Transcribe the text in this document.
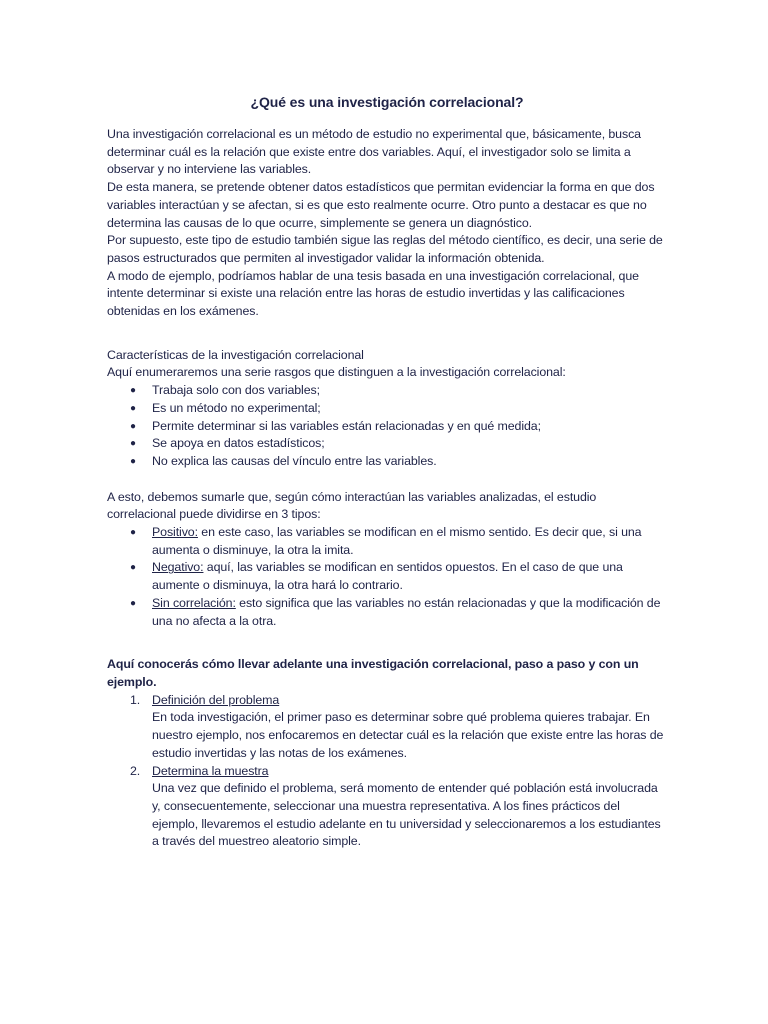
¿Qué es una investigación correlacional?

Una investigación correlacional es un método de estudio no experimental que, básicamente, busca determinar cuál es la relación que existe entre dos variables. Aquí, el investigador solo se limita a observar y no interviene las variables.

De esta manera, se pretende obtener datos estadísticos que permitan evidenciar la forma en que dos variables interactúan y se afectan, si es que esto realmente ocurre. Otro punto a destacar es que no determina las causas de lo que ocurre, simplemente se genera un diagnóstico.

Por supuesto, este tipo de estudio también sigue las reglas del método científico, es decir, una serie de pasos estructurados que permiten al investigador validar la información obtenida.

A modo de ejemplo, podríamos hablar de una tesis basada en una investigación correlacional, que intente determinar si existe una relación entre las horas de estudio invertidas y las calificaciones obtenidas en los exámenes.

Características de la investigación correlacional

Aquí enumeraremos una serie rasgos que distinguen a la investigación correlacional:

● Trabaja solo con dos variables;
● Es un método no experimental;
● Permite determinar si las variables están relacionadas y en qué medida;
● Se apoya en datos estadísticos;
● No explica las causas del vínculo entre las variables.

A esto, debemos sumarle que, según cómo interactúan las variables analizadas, el estudio correlacional puede dividirse en 3 tipos:

● Positivo: en este caso, las variables se modifican en el mismo sentido. Es decir que, si una aumenta o disminuye, la otra la imita.
● Negativo: aquí, las variables se modifican en sentidos opuestos. En el caso de que una aumente o disminuya, la otra hará lo contrario.
● Sin correlación: esto significa que las variables no están relacionadas y que la modificación de una no afecta a la otra.

Aquí conocerás cómo llevar adelante una investigación correlacional, paso a paso y con un ejemplo.

1. Definición del problema
En toda investigación, el primer paso es determinar sobre qué problema quieres trabajar. En nuestro ejemplo, nos enfocaremos en detectar cuál es la relación que existe entre las horas de estudio invertidas y las notas de los exámenes.
2. Determina la muestra
Una vez que definido el problema, será momento de entender qué población está involucrada y, consecuentemente, seleccionar una muestra representativa. A los fines prácticos del ejemplo, llevaremos el estudio adelante en tu universidad y seleccionaremos a los estudiantes a través del muestreo aleatorio simple.
